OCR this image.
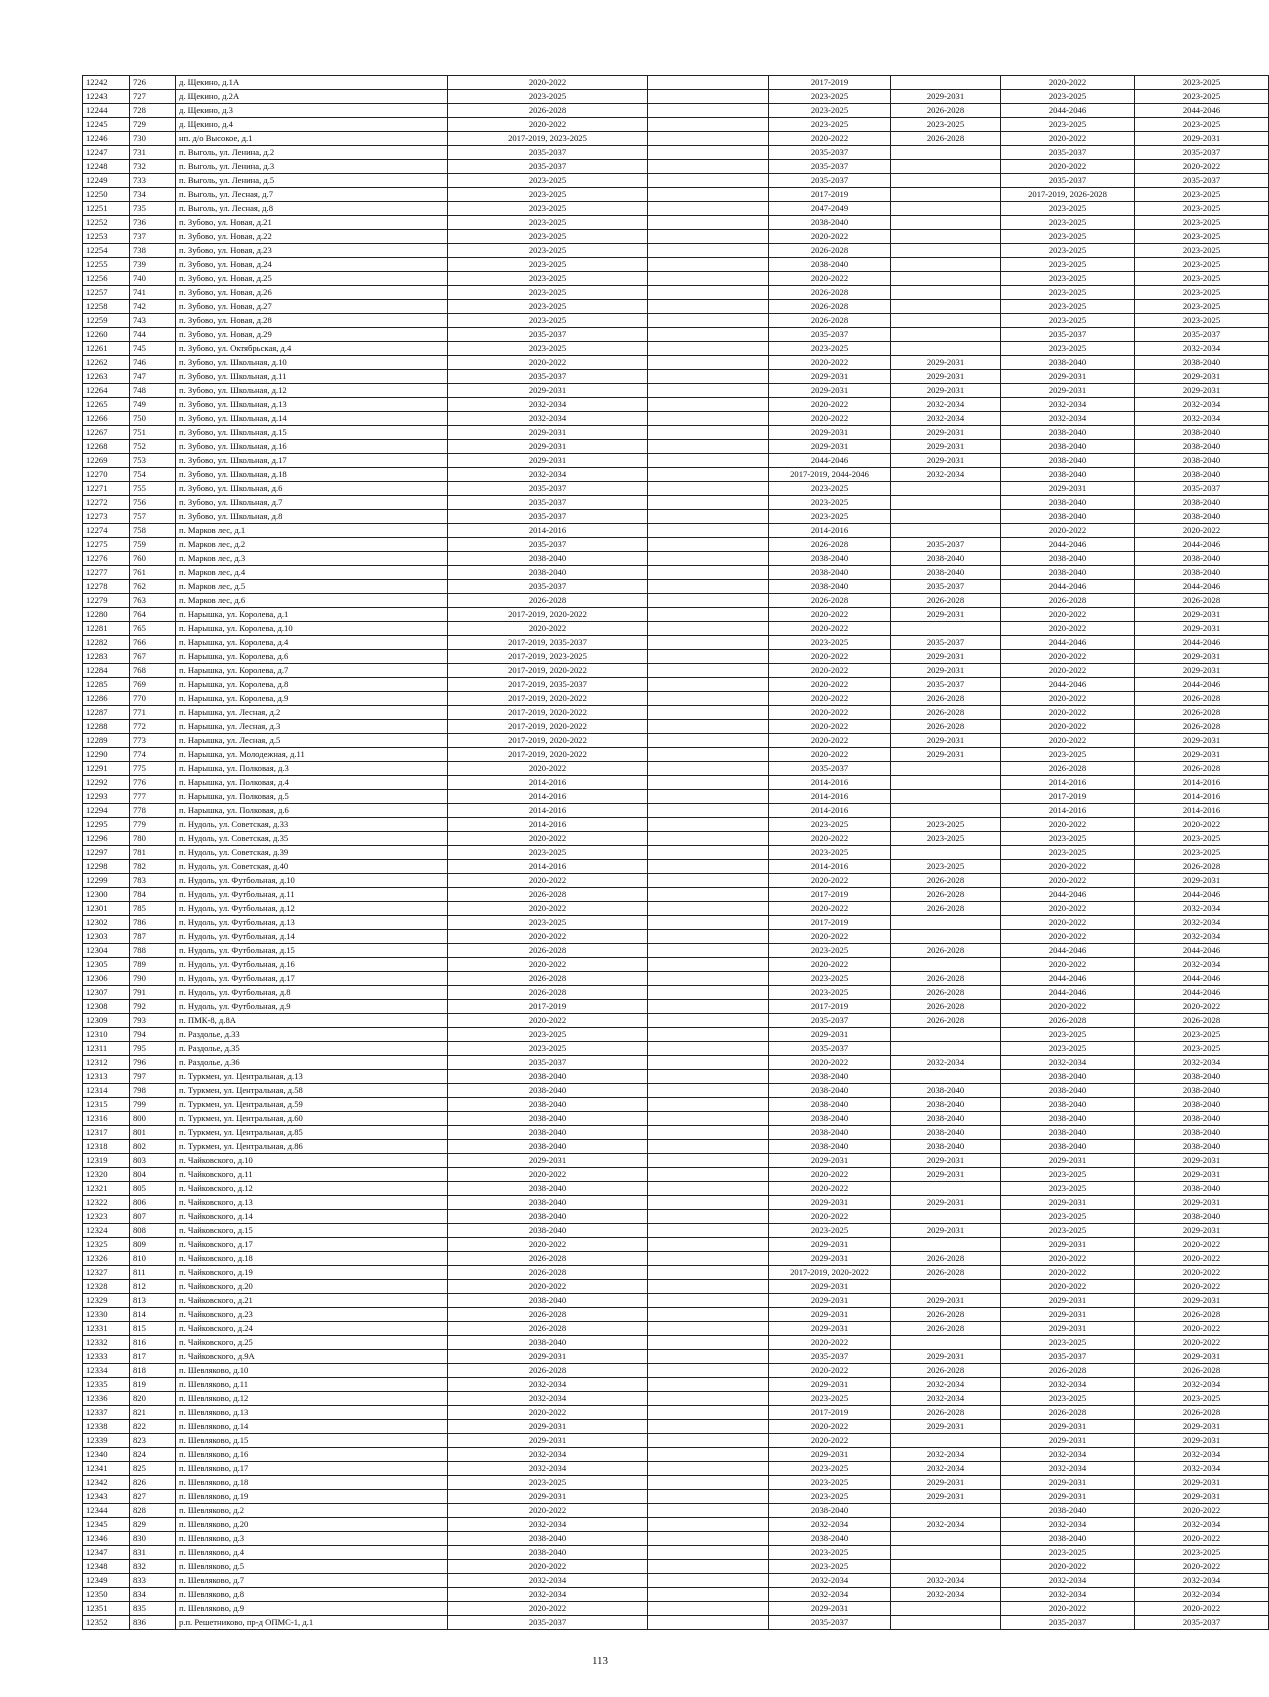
12242	726	д. Щекино, д.1А	2020-2022		2017-2019		2020-2022	2023-2025
12243	727	д. Щекино, д.2А	2023-2025		2023-2025	2029-2031	2023-2025	2023-2025
12244	728	д. Щекино, д.3	2026-2028		2023-2025	2026-2028	2044-2046	2044-2046
12245	729	д. Щекино, д.4	2020-2022		2023-2025	2023-2025	2023-2025	2023-2025
12246	730	нп. д/о Высокое, д.1	2017-2019, 2023-2025		2020-2022	2026-2028	2020-2022	2029-2031
12247	731	п. Выголь, ул. Ленина, д.2	2035-2037		2035-2037		2035-2037	2035-2037
12248	732	п. Выголь, ул. Ленина, д.3	2035-2037		2035-2037		2020-2022	2020-2022
12249	733	п. Выголь, ул. Ленина, д.5	2023-2025		2035-2037		2035-2037	2035-2037
12250	734	п. Выголь, ул. Лесная, д.7	2023-2025		2017-2019		2017-2019, 2026-2028	2023-2025
12251	735	п. Выголь, ул. Лесная, д.8	2023-2025		2047-2049		2023-2025	2023-2025
12252	736	п. Зубово, ул. Новая, д.21	2023-2025		2038-2040		2023-2025	2023-2025
12253	737	п. Зубово, ул. Новая, д.22	2023-2025		2020-2022		2023-2025	2023-2025
12254	738	п. Зубово, ул. Новая, д.23	2023-2025		2026-2028		2023-2025	2023-2025
12255	739	п. Зубово, ул. Новая, д.24	2023-2025		2038-2040		2023-2025	2023-2025
12256	740	п. Зубово, ул. Новая, д.25	2023-2025		2020-2022		2023-2025	2023-2025
12257	741	п. Зубово, ул. Новая, д.26	2023-2025		2026-2028		2023-2025	2023-2025
12258	742	п. Зубово, ул. Новая, д.27	2023-2025		2026-2028		2023-2025	2023-2025
12259	743	п. Зубово, ул. Новая, д.28	2023-2025		2026-2028		2023-2025	2023-2025
12260	744	п. Зубово, ул. Новая, д.29	2035-2037		2035-2037		2035-2037	2035-2037
12261	745	п. Зубово, ул. Октябрьская, д.4	2023-2025		2023-2025		2023-2025	2032-2034
12262	746	п. Зубово, ул. Школьная, д.10	2020-2022		2020-2022	2029-2031	2038-2040	2038-2040
12263	747	п. Зубово, ул. Школьная, д.11	2035-2037		2029-2031	2029-2031	2029-2031	2029-2031
12264	748	п. Зубово, ул. Школьная, д.12	2029-2031		2029-2031	2029-2031	2029-2031	2029-2031
12265	749	п. Зубово, ул. Школьная, д.13	2032-2034		2020-2022	2032-2034	2032-2034	2032-2034
12266	750	п. Зубово, ул. Школьная, д.14	2032-2034		2020-2022	2032-2034	2032-2034	2032-2034
12267	751	п. Зубово, ул. Школьная, д.15	2029-2031		2029-2031	2029-2031	2038-2040	2038-2040
12268	752	п. Зубово, ул. Школьная, д.16	2029-2031		2029-2031	2029-2031	2038-2040	2038-2040
12269	753	п. Зубово, ул. Школьная, д.17	2029-2031		2044-2046	2029-2031	2038-2040	2038-2040
12270	754	п. Зубово, ул. Школьная, д.18	2032-2034		2017-2019, 2044-2046	2032-2034	2038-2040	2038-2040
12271	755	п. Зубово, ул. Школьная, д.6	2035-2037		2023-2025		2029-2031	2035-2037
12272	756	п. Зубово, ул. Школьная, д.7	2035-2037		2023-2025		2038-2040	2038-2040
12273	757	п. Зубово, ул. Школьная, д.8	2035-2037		2023-2025		2038-2040	2038-2040
12274	758	п. Марков лес, д.1	2014-2016		2014-2016		2020-2022	2020-2022
12275	759	п. Марков лес, д.2	2035-2037		2026-2028	2035-2037	2044-2046	2044-2046
12276	760	п. Марков лес, д.3	2038-2040		2038-2040	2038-2040	2038-2040	2038-2040
12277	761	п. Марков лес, д.4	2038-2040		2038-2040	2038-2040	2038-2040	2038-2040
12278	762	п. Марков лес, д.5	2035-2037		2038-2040	2035-2037	2044-2046	2044-2046
12279	763	п. Марков лес, д.6	2026-2028		2026-2028	2026-2028	2026-2028	2026-2028
12280	764	п. Нарышка, ул. Королева, д.1	2017-2019, 2020-2022		2020-2022	2029-2031	2020-2022	2029-2031
12281	765	п. Нарышка, ул. Королева, д.10	2020-2022		2020-2022		2020-2022	2029-2031
12282	766	п. Нарышка, ул. Королева, д.4	2017-2019, 2035-2037		2023-2025	2035-2037	2044-2046	2044-2046
12283	767	п. Нарышка, ул. Королева, д.6	2017-2019, 2023-2025		2020-2022	2029-2031	2020-2022	2029-2031
12284	768	п. Нарышка, ул. Королева, д.7	2017-2019, 2020-2022		2020-2022	2029-2031	2020-2022	2029-2031
12285	769	п. Нарышка, ул. Королева, д.8	2017-2019, 2035-2037		2020-2022	2035-2037	2044-2046	2044-2046
12286	770	п. Нарышка, ул. Королева, д.9	2017-2019, 2020-2022		2020-2022	2026-2028	2020-2022	2026-2028
12287	771	п. Нарышка, ул. Лесная, д.2	2017-2019, 2020-2022		2020-2022	2026-2028	2020-2022	2026-2028
12288	772	п. Нарышка, ул. Лесная, д.3	2017-2019, 2020-2022		2020-2022	2026-2028	2020-2022	2026-2028
12289	773	п. Нарышка, ул. Лесная, д.5	2017-2019, 2020-2022		2020-2022	2029-2031	2020-2022	2029-2031
12290	774	п. Нарышка, ул. Молодежная, д.11	2017-2019, 2020-2022		2020-2022	2029-2031	2023-2025	2029-2031
12291	775	п. Нарышка, ул. Полковая, д.3	2020-2022		2035-2037		2026-2028	2026-2028
12292	776	п. Нарышка, ул. Полковая, д.4	2014-2016		2014-2016		2014-2016	2014-2016
12293	777	п. Нарышка, ул. Полковая, д.5	2014-2016		2014-2016		2017-2019	2014-2016
12294	778	п. Нарышка, ул. Полковая, д.6	2014-2016		2014-2016		2014-2016	2014-2016
12295	779	п. Нудоль, ул. Советская, д.33	2014-2016		2023-2025	2023-2025	2020-2022	2020-2022
12296	780	п. Нудоль, ул. Советская, д.35	2020-2022		2020-2022	2023-2025	2023-2025	2023-2025
12297	781	п. Нудоль, ул. Советская, д.39	2023-2025		2023-2025		2023-2025	2023-2025
12298	782	п. Нудоль, ул. Советская, д.40	2014-2016		2014-2016	2023-2025	2020-2022	2026-2028
12299	783	п. Нудоль, ул. Футбольная, д.10	2020-2022		2020-2022	2026-2028	2020-2022	2029-2031
12300	784	п. Нудоль, ул. Футбольная, д.11	2026-2028		2017-2019	2026-2028	2044-2046	2044-2046
12301	785	п. Нудоль, ул. Футбольная, д.12	2020-2022		2020-2022	2026-2028	2020-2022	2032-2034
12302	786	п. Нудоль, ул. Футбольная, д.13	2023-2025		2017-2019		2020-2022	2032-2034
12303	787	п. Нудоль, ул. Футбольная, д.14	2020-2022		2020-2022		2020-2022	2032-2034
12304	788	п. Нудоль, ул. Футбольная, д.15	2026-2028		2023-2025	2026-2028	2044-2046	2044-2046
12305	789	п. Нудоль, ул. Футбольная, д.16	2020-2022		2020-2022		2020-2022	2032-2034
12306	790	п. Нудоль, ул. Футбольная, д.17	2026-2028		2023-2025	2026-2028	2044-2046	2044-2046
12307	791	п. Нудоль, ул. Футбольная, д.8	2026-2028		2023-2025	2026-2028	2044-2046	2044-2046
12308	792	п. Нудоль, ул. Футбольная, д.9	2017-2019		2017-2019	2026-2028	2020-2022	2020-2022
12309	793	п. ПМК-8, д.8А	2020-2022		2035-2037	2026-2028	2026-2028	2026-2028
12310	794	п. Раздолье, д.33	2023-2025		2029-2031		2023-2025	2023-2025
12311	795	п. Раздолье, д.35	2023-2025		2035-2037		2023-2025	2023-2025
12312	796	п. Раздолье, д.36	2035-2037		2020-2022	2032-2034	2032-2034	2032-2034
12313	797	п. Туркмен, ул. Центральная, д.13	2038-2040		2038-2040		2038-2040	2038-2040
12314	798	п. Туркмен, ул. Центральная, д.58	2038-2040		2038-2040	2038-2040	2038-2040	2038-2040
12315	799	п. Туркмен, ул. Центральная, д.59	2038-2040		2038-2040	2038-2040	2038-2040	2038-2040
12316	800	п. Туркмен, ул. Центральная, д.60	2038-2040		2038-2040	2038-2040	2038-2040	2038-2040
12317	801	п. Туркмен, ул. Центральная, д.85	2038-2040		2038-2040	2038-2040	2038-2040	2038-2040
12318	802	п. Туркмен, ул. Центральная, д.86	2038-2040		2038-2040	2038-2040	2038-2040	2038-2040
12319	803	п. Чайковского, д.10	2029-2031		2029-2031	2029-2031	2029-2031	2029-2031
12320	804	п. Чайковского, д.11	2020-2022		2020-2022	2029-2031	2023-2025	2029-2031
12321	805	п. Чайковского, д.12	2038-2040		2020-2022		2023-2025	2038-2040
12322	806	п. Чайковского, д.13	2038-2040		2029-2031	2029-2031	2029-2031	2029-2031
12323	807	п. Чайковского, д.14	2038-2040		2020-2022		2023-2025	2038-2040
12324	808	п. Чайковского, д.15	2038-2040		2023-2025	2029-2031	2023-2025	2029-2031
12325	809	п. Чайковского, д.17	2020-2022		2029-2031		2029-2031	2020-2022
12326	810	п. Чайковского, д.18	2026-2028		2029-2031	2026-2028	2020-2022	2020-2022
12327	811	п. Чайковского, д.19	2026-2028		2017-2019, 2020-2022	2026-2028	2020-2022	2020-2022
12328	812	п. Чайковского, д.20	2020-2022		2029-2031		2020-2022	2020-2022
12329	813	п. Чайковского, д.21	2038-2040		2029-2031	2029-2031	2029-2031	2029-2031
12330	814	п. Чайковского, д.23	2026-2028		2029-2031	2026-2028	2029-2031	2026-2028
12331	815	п. Чайковского, д.24	2026-2028		2029-2031	2026-2028	2029-2031	2020-2022
12332	816	п. Чайковского, д.25	2038-2040		2020-2022		2023-2025	2020-2022
12333	817	п. Чайковского, д.9А	2029-2031		2035-2037	2029-2031	2035-2037	2029-2031
12334	818	п. Шевляково, д.10	2026-2028		2020-2022	2026-2028	2026-2028	2026-2028
12335	819	п. Шевляково, д.11	2032-2034		2029-2031	2032-2034	2032-2034	2032-2034
12336	820	п. Шевляково, д.12	2032-2034		2023-2025	2032-2034	2023-2025	2023-2025
12337	821	п. Шевляково, д.13	2020-2022		2017-2019	2026-2028	2026-2028	2026-2028
12338	822	п. Шевляково, д.14	2029-2031		2020-2022	2029-2031	2029-2031	2029-2031
12339	823	п. Шевляково, д.15	2029-2031		2020-2022		2029-2031	2029-2031
12340	824	п. Шевляково, д.16	2032-2034		2029-2031	2032-2034	2032-2034	2032-2034
12341	825	п. Шевляково, д.17	2032-2034		2023-2025	2032-2034	2032-2034	2032-2034
12342	826	п. Шевляково, д.18	2023-2025		2023-2025	2029-2031	2029-2031	2029-2031
12343	827	п. Шевляково, д.19	2029-2031		2023-2025	2029-2031	2029-2031	2029-2031
12344	828	п. Шевляково, д.2	2020-2022		2038-2040		2038-2040	2020-2022
12345	829	п. Шевляково, д.20	2032-2034		2032-2034	2032-2034	2032-2034	2032-2034
12346	830	п. Шевляково, д.3	2038-2040		2038-2040		2038-2040	2020-2022
12347	831	п. Шевляково, д.4	2038-2040		2023-2025		2023-2025	2023-2025
12348	832	п. Шевляково, д.5	2020-2022		2023-2025		2020-2022	2020-2022
12349	833	п. Шевляково, д.7	2032-2034		2032-2034	2032-2034	2032-2034	2032-2034
12350	834	п. Шевляково, д.8	2032-2034		2032-2034	2032-2034	2032-2034	2032-2034
12351	835	п. Шевляково, д.9	2020-2022		2029-2031		2020-2022	2020-2022
12352	836	р.п. Решетниково, пр-д ОПМС-1, д.1	2035-2037		2035-2037		2035-2037	2035-2037
113
